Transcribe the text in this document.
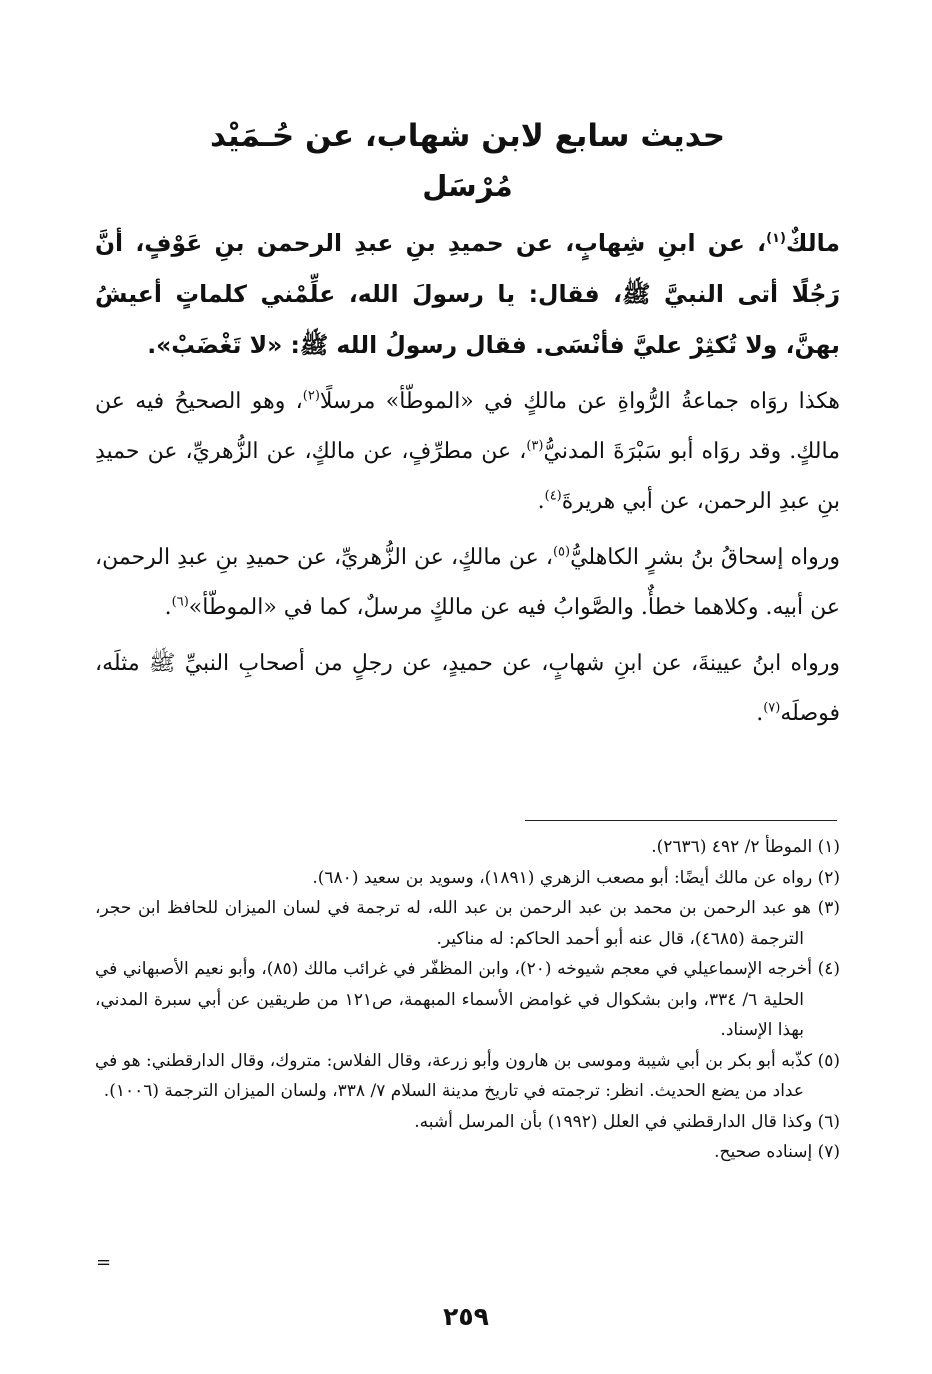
حديث سابع لابن شهاب، عن حُـمَيْد
مُرْسَل

مالكٌ$^{(١)}$، عن ابنِ شِهابٍ، عن حميدِ بنِ عبدِ الرحمن بنِ عَوْفٍ، أنَّ رَجُلًا أتى النبيَّ ﷺ، فقال: يا رسولَ الله، علِّمْني كلماتٍ أعيشُ بهنَّ، ولا تُكثِرْ عليَّ فأنْسَى. فقال رسولُ الله ﷺ: «لا تَغْضَبْ».

هكذا روَاه جماعةُ الرُّواةِ عن مالكٍ في «الموطّأ» مرسلًا$^{(٢)}$، وهو الصحيحُ فيه عن مالكٍ. وقد روَاه أبو سَبْرَةَ المدنيُّ$^{(٣)}$، عن مطرِّفٍ، عن مالكٍ، عن الزُّهريِّ، عن حميدِ بنِ عبدِ الرحمن، عن أبي هريرةَ$^{(٤)}$.

ورواه إسحاقُ بنُ بشرٍ الكاهليُّ$^{(٥)}$، عن مالكٍ، عن الزُّهريِّ، عن حميدِ بنِ عبدِ الرحمن، عن أبيه. وكلاهما خطأٌ. والصَّوابُ فيه عن مالكٍ مرسلٌ، كما في «الموطّأ»$^{(٦)}$.

ورواه ابنُ عيينةَ، عن ابنِ شهابٍ، عن حميدٍ، عن رجلٍ من أصحابِ النبيِّ ﷺ مثلَه، فوصلَه$^{(٧)}$.

(١) الموطأ ٢/ ٤٩٢ (٢٦٣٦).
(٢) رواه عن مالك أيضًا: أبو مصعب الزهري (١٨٩١)، وسويد بن سعيد (٦٨٠).
(٣) هو عبد الرحمن بن محمد بن عبد الرحمن بن عبد الله، له ترجمة في لسان الميزان للحافظ ابن حجر، الترجمة (٤٦٨٥)، قال عنه أبو أحمد الحاكم: له مناكير.
(٤) أخرجه الإسماعيلي في معجم شيوخه (٢٠)، وابن المظفّر في غرائب مالك (٨٥)، وأبو نعيم الأصبهاني في الحلية ٦/ ٣٣٤، وابن بشكوال في غوامض الأسماء المبهمة، ص١٢١ من طريقين عن أبي سبرة المدني، بهذا الإسناد.
(٥) كذّبه أبو بكر بن أبي شيبة وموسى بن هارون وأبو زرعة، وقال الفلاس: متروك، وقال الدارقطني: هو في عداد من يضع الحديث. انظر: ترجمته في تاريخ مدينة السلام ٧/ ٣٣٨، ولسان الميزان الترجمة (١٠٠٦).
(٦) وكذا قال الدارقطني في العلل (١٩٩٢) بأن المرسل أشبه.
(٧) إسناده صحيح.
=
٢٥٩
